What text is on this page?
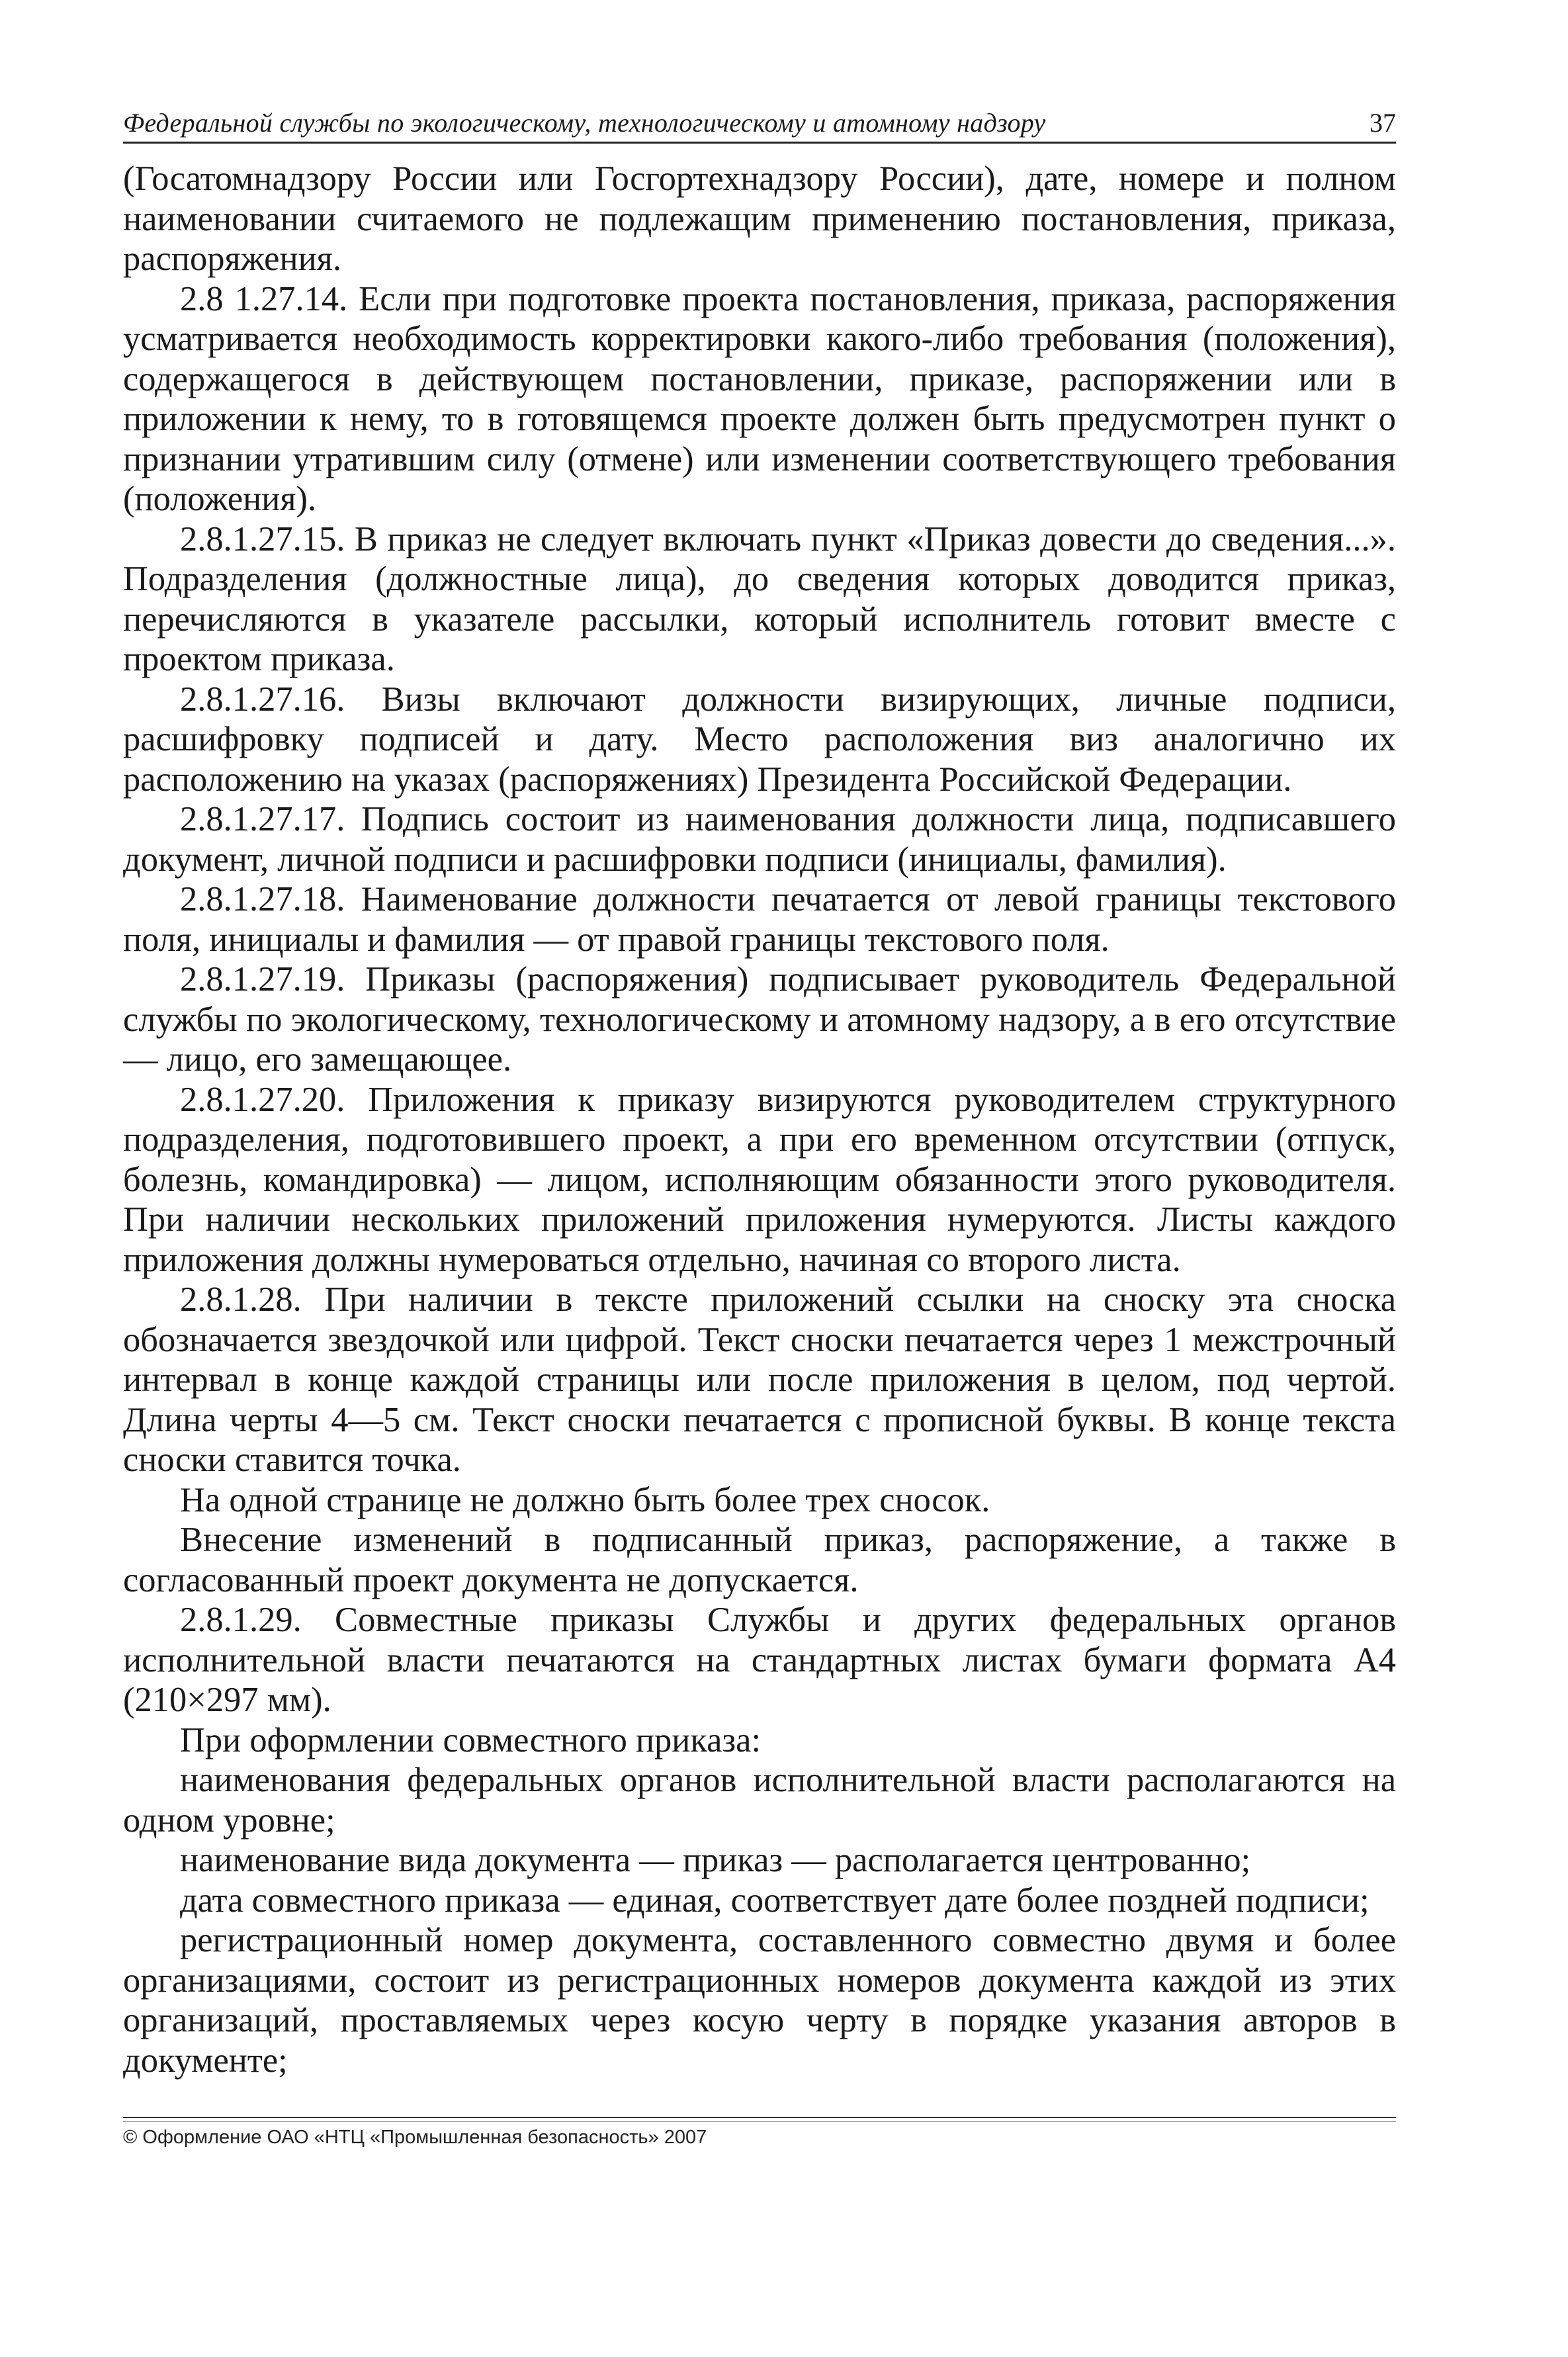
Федеральной службы по экологическому, технологическому и атомному надзору	37

(Госатомнадзору России или Госгортехнадзору России), дате, номере и полном наименовании считаемого не подлежащим применению постановления, приказа, распоряжения.

2.8 1.27.14. Если при подготовке проекта постановления, приказа, распоряжения усматривается необходимость корректировки какого-либо требования (положения), содержащегося в действующем постановлении, приказе, распоряжении или в приложении к нему, то в готовящемся проекте должен быть предусмотрен пункт о признании утратившим силу (отмене) или изменении соответствующего требования (положения).

2.8.1.27.15. В приказ не следует включать пункт «Приказ довести до сведения...». Подразделения (должностные лица), до сведения которых доводится приказ, перечисляются в указателе рассылки, который исполнитель готовит вместе с проектом приказа.

2.8.1.27.16. Визы включают должности визирующих, личные подписи, расшифровку подписей и дату. Место расположения виз аналогично их расположению на указах (распоряжениях) Президента Российской Федерации.

2.8.1.27.17. Подпись состоит из наименования должности лица, подписавшего документ, личной подписи и расшифровки подписи (инициалы, фамилия).

2.8.1.27.18. Наименование должности печатается от левой границы текстового поля, инициалы и фамилия — от правой границы текстового поля.

2.8.1.27.19. Приказы (распоряжения) подписывает руководитель Федеральной службы по экологическому, технологическому и атомному надзору, а в его отсутствие — лицо, его замещающее.

2.8.1.27.20. Приложения к приказу визируются руководителем структурного подразделения, подготовившего проект, а при его временном отсутствии (отпуск, болезнь, командировка) — лицом, исполняющим обязанности этого руководителя. При наличии нескольких приложений приложения нумеруются. Листы каждого приложения должны нумероваться отдельно, начиная со второго листа.

2.8.1.28. При наличии в тексте приложений ссылки на сноску эта сноска обозначается звездочкой или цифрой. Текст сноски печатается через 1 межстрочный интервал в конце каждой страницы или после приложения в целом, под чертой. Длина черты 4—5 см. Текст сноски печатается с прописной буквы. В конце текста сноски ставится точка.

На одной странице не должно быть более трех сносок.

Внесение изменений в подписанный приказ, распоряжение, а также в согласованный проект документа не допускается.

2.8.1.29. Совместные приказы Службы и других федеральных органов исполнительной власти печатаются на стандартных листах бумаги формата А4 (210×297 мм).

При оформлении совместного приказа:

наименования федеральных органов исполнительной власти располагаются на одном уровне;

наименование вида документа — приказ — располагается центрованно;

дата совместного приказа — единая, соответствует дате более поздней подписи;

регистрационный номер документа, составленного совместно двумя и более организациями, состоит из регистрационных номеров документа каждой из этих организаций, проставляемых через косую черту в порядке указания авторов в документе;

© Оформление ОАО «НТЦ «Промышленная безопасность» 2007
